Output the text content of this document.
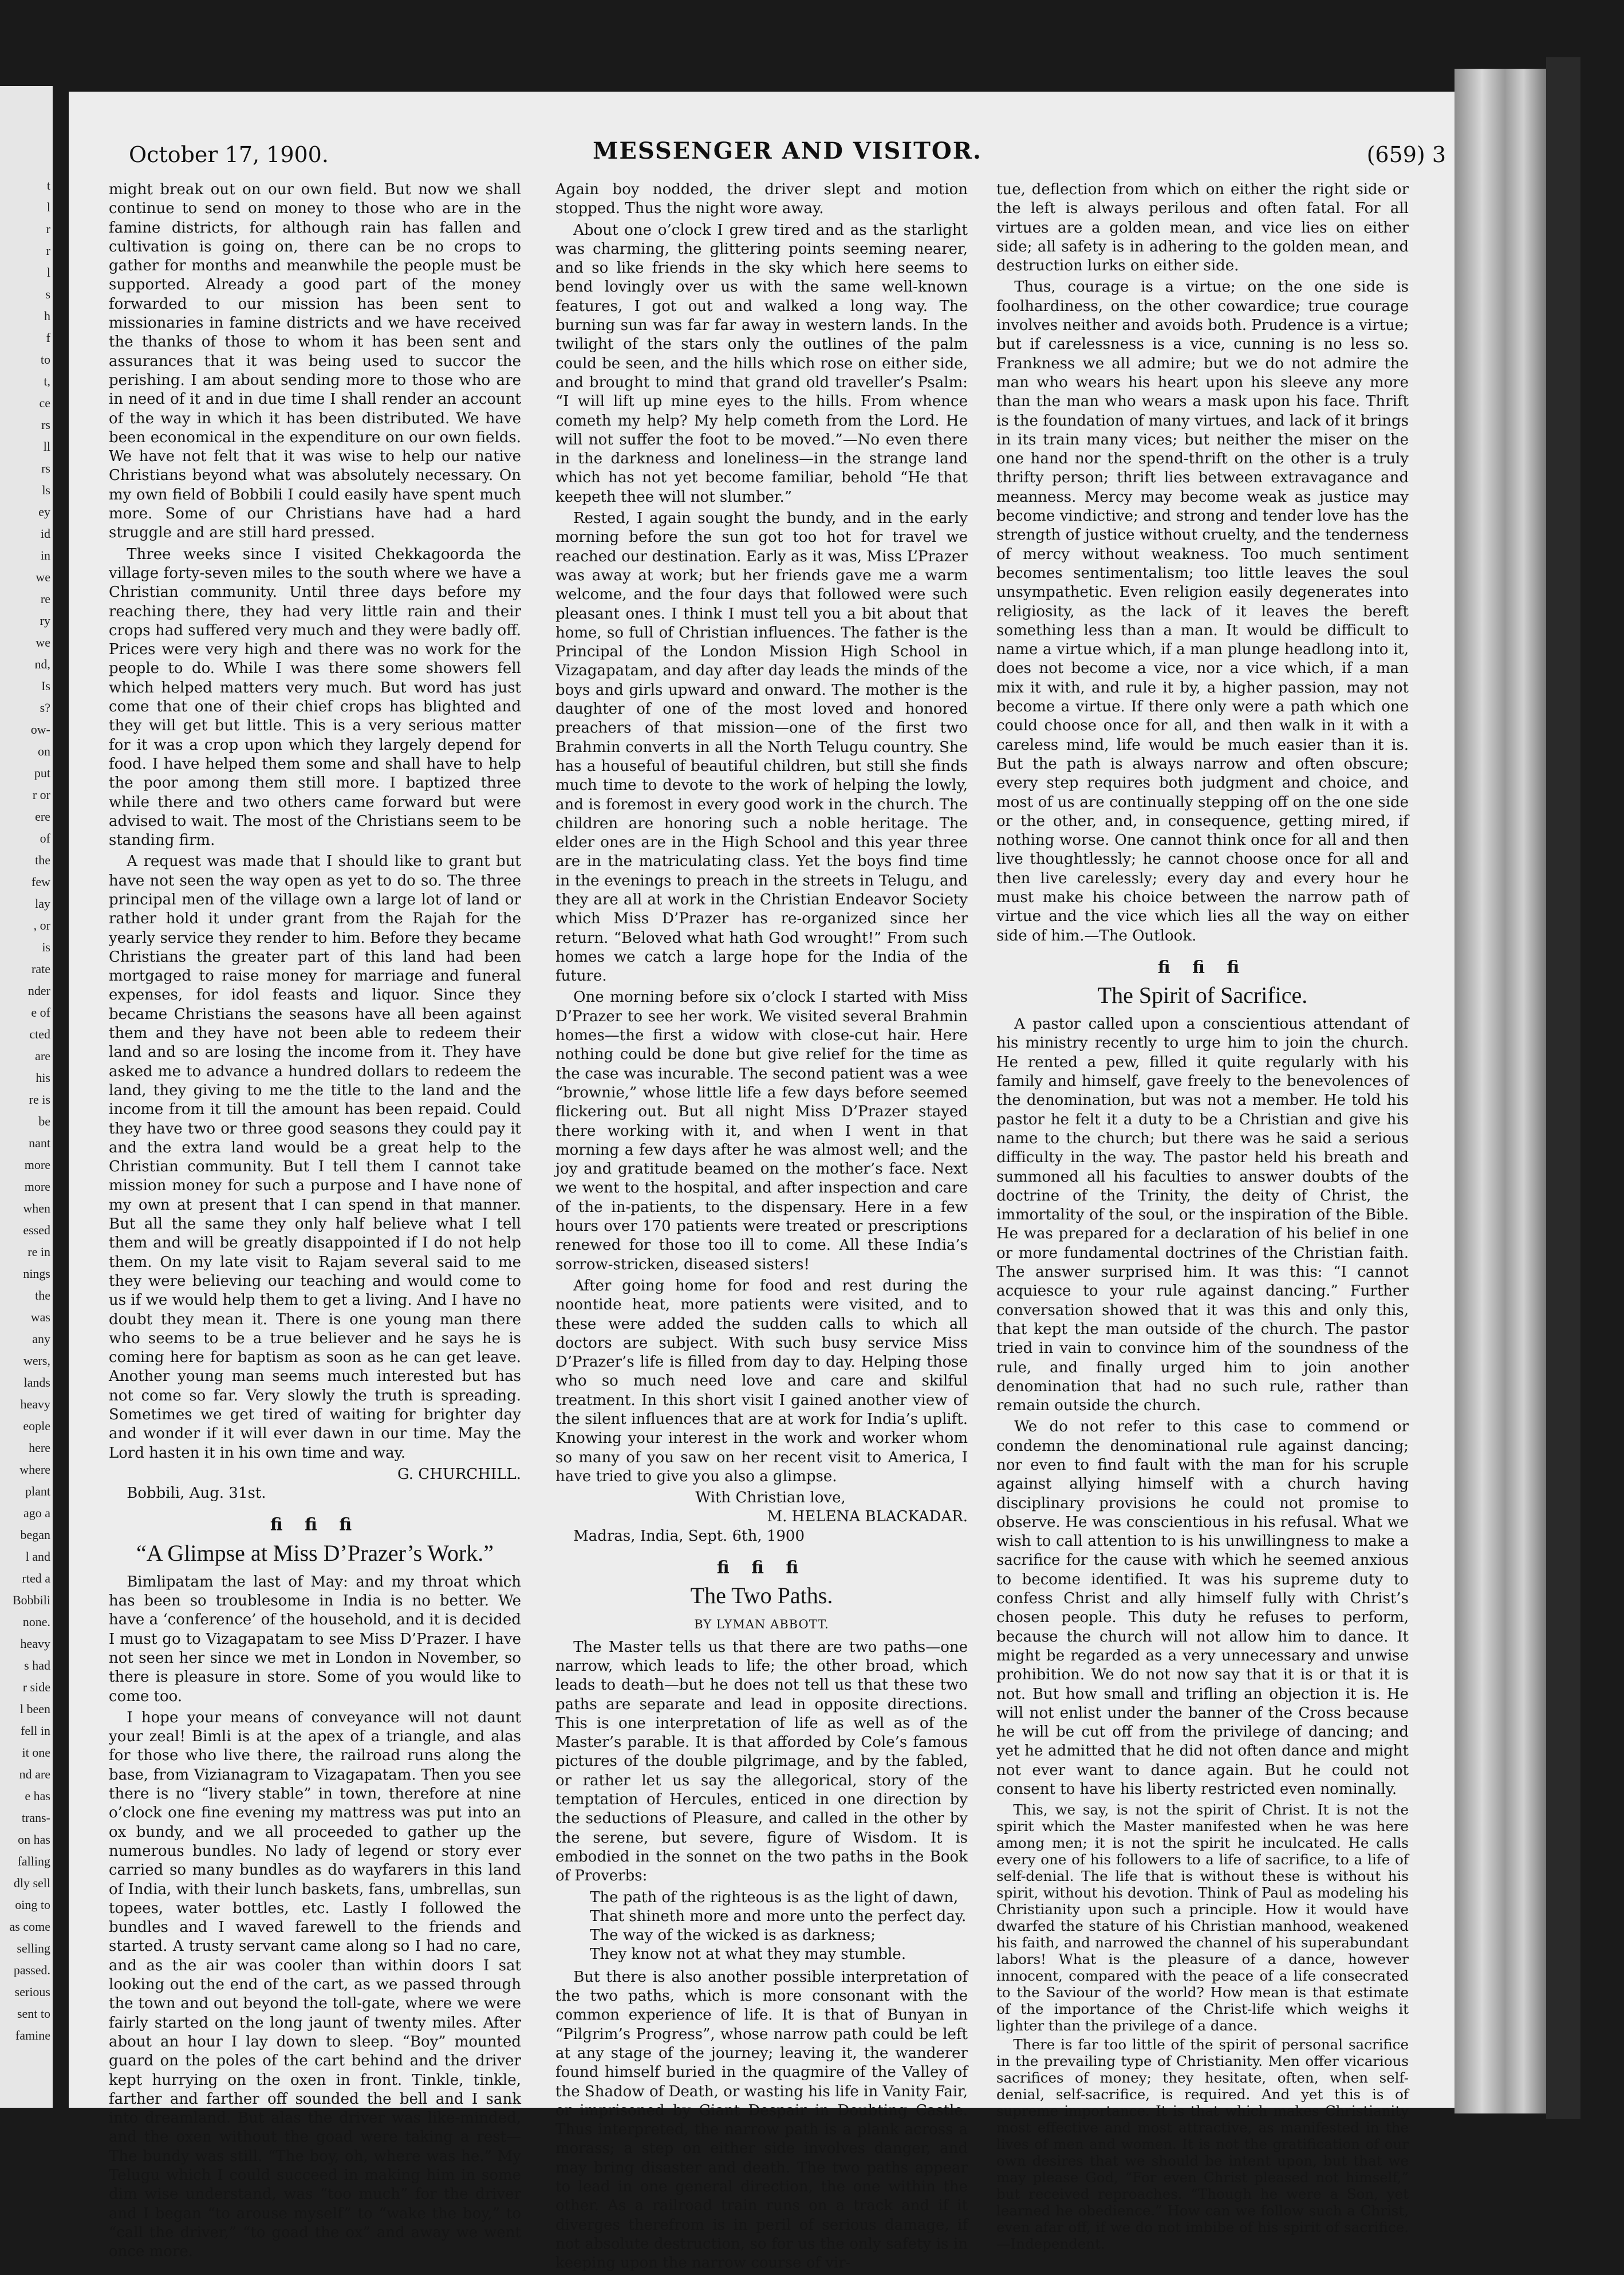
t
l
r
r
l
s
h
f
to
t,
ce
rs
ll
rs
ls
ey
id
in
we
re
ry
we
nd,
Is
s?
ow-
on
put
r or
ere
of
the
few
lay
, or
is
rate
nder
e of
cted
are
his
re is
be
nant
more
more
when
essed
re in
nings
the
was
any
wers,
lands
heavy
eople
here
where
plant
ago a
began
l and
rted a
Bobbili
none.
heavy
s had
r side
l been
fell in
it one
nd are
e has
trans-
on has
falling
dly sell
oing to
as come
selling
passed.
serious
sent to
famine
October 17, 1900.	MESSENGER AND VISITOR.	(659) 3

might break out on our own field. But now we shall continue to send on money to those who are in the famine districts, for although rain has fallen and cultivation is going on, there can be no crops to gather for months and meanwhile the people must be supported. Already a good part of the money forwarded to our mission has been sent to missionaries in famine districts and we have received the thanks of those to whom it has been sent and assurances that it was being used to succor the perishing. I am about sending more to those who are in need of it and in due time I shall render an account of the way in which it has been distributed. We have been economical in the expenditure on our own fields. We have not felt that it was wise to help our native Christians beyond what was absolutely necessary. On my own field of Bobbili I could easily have spent much more. Some of our Christians have had a hard struggle and are still hard pressed.

Three weeks since I visited Chekkagoorda the village forty-seven miles to the south where we have a Christian community. Until three days before my reaching there, they had very little rain and their crops had suffered very much and they were badly off. Prices were very high and there was no work for the people to do. While I was there some showers fell which helped matters very much. But word has just come that one of their chief crops has blighted and they will get but little. This is a very serious matter for it was a crop upon which they largely depend for food. I have helped them some and shall have to help the poor among them still more. I baptized three while there and two others came forward but were advised to wait. The most of the Christians seem to be standing firm.

A request was made that I should like to grant but have not seen the way open as yet to do so. The three principal men of the village own a large lot of land or rather hold it under grant from the Rajah for the yearly service they render to him. Before they became Christians the greater part of this land had been mortgaged to raise money for marriage and funeral expenses, for idol feasts and liquor. Since they became Christians the seasons have all been against them and they have not been able to redeem their land and so are losing the income from it. They have asked me to advance a hundred dollars to redeem the land, they giving to me the title to the land and the income from it till the amount has been repaid. Could they have two or three good seasons they could pay it and the extra land would be a great help to the Christian community. But I tell them I cannot take mission money for such a purpose and I have none of my own at present that I can spend in that manner. But all the same they only half believe what I tell them and will be greatly disappointed if I do not help them. On my late visit to Rajam several said to me they were believing our teaching and would come to us if we would help them to get a living. And I have no doubt they mean it. There is one young man there who seems to be a true believer and he says he is coming here for baptism as soon as he can get leave. Another young man seems much interested but has not come so far. Very slowly the truth is spreading. Sometimes we get tired of waiting for brighter day and wonder if it will ever dawn in our time. May the Lord hasten it in his own time and way.

G. CHURCHILL.

Bobbili, Aug. 31st.

ﬁ ﬁ ﬁ
“A Glimpse at Miss D’Prazer’s Work.”

Bimlipatam the last of May: and my throat which has been so troublesome in India is no better. We have a ‘conference’ of the household, and it is decided I must go to Vizagapatam to see Miss D’Prazer. I have not seen her since we met in London in November, so there is pleasure in store. Some of you would like to come too.

I hope your means of conveyance will not daunt your zeal! Bimli is at the apex of a triangle, and alas for those who live there, the railroad runs along the base, from Vizianagram to Vizagapatam. Then you see there is no “livery stable” in town, therefore at nine o’clock one fine evening my mattress was put into an ox bundy, and we all proceeded to gather up the numerous bundles. No lady of legend or story ever carried so many bundles as do wayfarers in this land of India, with their lunch baskets, fans, umbrellas, sun topees, water bottles, etc. Lastly I followed the bundles and I waved farewell to the friends and started. A trusty servant came along so I had no care, and as the air was cooler than within doors I sat looking out the end of the cart, as we passed through the town and out beyond the toll-gate, where we were fairly started on the long jaunt of twenty miles. After about an hour I lay down to sleep. “Boy” mounted guard on the poles of the cart behind and the driver kept hurrying on the oxen in front. Tinkle, tinkle, farther and farther off sounded the bell and I sank into dreamland. But alas the driver was like-minded, and the oxen without the goad were taking a rest—The bundy was still. “The boy, oh, where was he.” My Telugu which I could succeed in making him in some dim wise understand, was “too much” for the driver and I began “to arouse myself” to “wake the boy,” to “call the driver,” “to goad the ox” and away we went once more.

Again boy nodded, the driver slept and motion stopped. Thus the night wore away.

About one o’clock I grew tired and as the starlight was charming, the glittering points seeming nearer, and so like friends in the sky which here seems to bend lovingly over us with the same well-known features, I got out and walked a long way. The burning sun was far far away in western lands. In the twilight of the stars only the outlines of the palm could be seen, and the hills which rose on either side, and brought to mind that grand old traveller’s Psalm: “I will lift up mine eyes to the hills. From whence cometh my help? My help cometh from the Lord. He will not suffer the foot to be moved.”—No even there in the darkness and loneliness—in the strange land which has not yet become familiar, behold “He that keepeth thee will not slumber.”

Rested, I again sought the bundy, and in the early morning before the sun got too hot for travel we reached our destination. Early as it was, Miss L’Prazer was away at work; but her friends gave me a warm welcome, and the four days that followed were such pleasant ones. I think I must tell you a bit about that home, so full of Christian influences. The father is the Principal of the London Mission High School in Vizagapatam, and day after day leads the minds of the boys and girls upward and onward. The mother is the daughter of one of the most loved and honored preachers of that mission—one of the first two Brahmin converts in all the North Telugu country. She has a houseful of beautiful children, but still she finds much time to devote to the work of helping the lowly, and is foremost in every good work in the church. The children are honoring such a noble heritage. The elder ones are in the High School and this year three are in the matriculating class. Yet the boys find time in the evenings to preach in the streets in Telugu, and they are all at work in the Christian Endeavor Society which Miss D’Prazer has re-organized since her return. “Beloved what hath God wrought!” From such homes we catch a large hope for the India of the future.

One morning before six o’clock I started with Miss D’Prazer to see her work. We visited several Brahmin homes—the first a widow with close-cut hair. Here nothing could be done but give relief for the time as the case was incurable. The second patient was a wee “brownie,” whose little life a few days before seemed flickering out. But all night Miss D’Prazer stayed there working with it, and when I went in that morning a few days after he was almost well; and the joy and gratitude beamed on the mother’s face. Next we went to the hospital, and after inspection and care of the in-patients, to the dispensary. Here in a few hours over 170 patients were treated or prescriptions renewed for those too ill to come. All these India’s sorrow-stricken, diseased sisters!

After going home for food and rest during the noontide heat, more patients were visited, and to these were added the sudden calls to which all doctors are subject. With such busy service Miss D’Prazer’s life is filled from day to day. Helping those who so much need love and care and skilful treatment. In this short visit I gained another view of the silent influences that are at work for India’s uplift. Knowing your interest in the work and worker whom so many of you saw on her recent visit to America, I have tried to give you also a glimpse.

With Christian love,

M. HELENA BLACKADAR.

Madras, India, Sept. 6th, 1900

ﬁ ﬁ ﬁ
The Two Paths.
BY LYMAN ABBOTT.

The Master tells us that there are two paths—one narrow, which leads to life; the other broad, which leads to death—but he does not tell us that these two paths are separate and lead in opposite directions. This is one interpretation of life as well as of the Master’s parable. It is that afforded by Cole’s famous pictures of the double pilgrimage, and by the fabled, or rather let us say the allegorical, story of the temptation of Hercules, enticed in one direction by the seductions of Pleasure, and called in the other by the serene, but severe, figure of Wisdom. It is embodied in the sonnet on the two paths in the Book of Proverbs:

The path of the righteous is as the light of dawn,
That shineth more and more unto the perfect day.
The way of the wicked is as darkness;
They know not at what they may stumble.

But there is also another possible interpretation of the two paths, which is more consonant with the common experience of life. It is that of Bunyan in “Pilgrim’s Progress”, whose narrow path could be left at any stage of the journey; leaving it, the wanderer found himself buried in the quagmire of the Valley of the Shadow of Death, or wasting his life in Vanity Fair, or imprisoned by Giant Despair in Doubting Castle. Thus interpreted, the narrow path is a plank across a morass; a step on either side involves danger, and may bring disaster and death. The two paths appear to lead in one general direction, the one within the other. As a railroad train runs on a track and if it diverges therefrom is in peril of serious damage, if not absolute destruction, so for us the only safety is in keeping upon the narrow course of vir-

tue, deflection from which on either the right side or the left is always perilous and often fatal. For all virtues are a golden mean, and vice lies on either side; all safety is in adhering to the golden mean, and destruction lurks on either side.

Thus, courage is a virtue; on the one side is foolhardiness, on the other cowardice; true courage involves neither and avoids both. Prudence is a virtue; but if carelessness is a vice, cunning is no less so. Frankness we all admire; but we do not admire the man who wears his heart upon his sleeve any more than the man who wears a mask upon his face. Thrift is the foundation of many virtues, and lack of it brings in its train many vices; but neither the miser on the one hand nor the spend-thrift on the other is a truly thrifty person; thrift lies between extravagance and meanness. Mercy may become weak as justice may become vindictive; and strong and tender love has the strength of justice without cruelty, and the tenderness of mercy without weakness. Too much sentiment becomes sentimentalism; too little leaves the soul unsympathetic. Even religion easily degenerates into religiosity, as the lack of it leaves the bereft something less than a man. It would be difficult to name a virtue which, if a man plunge headlong into it, does not become a vice, nor a vice which, if a man mix it with, and rule it by, a higher passion, may not become a virtue. If there only were a path which one could choose once for all, and then walk in it with a careless mind, life would be much easier than it is. But the path is always narrow and often obscure; every step requires both judgment and choice, and most of us are continually stepping off on the one side or the other, and, in consequence, getting mired, if nothing worse. One cannot think once for all and then live thoughtlessly; he cannot choose once for all and then live carelessly; every day and every hour he must make his choice between the narrow path of virtue and the vice which lies all the way on either side of him.—The Outlook.

ﬁ ﬁ ﬁ
The Spirit of Sacrifice.

A pastor called upon a conscientious attendant of his ministry recently to urge him to join the church. He rented a pew, filled it quite regularly with his family and himself, gave freely to the benevolences of the denomination, but was not a member. He told his pastor he felt it a duty to be a Christian and give his name to the church; but there was he said a serious difficulty in the way. The pastor held his breath and summoned all his faculties to answer doubts of the doctrine of the Trinity, the deity of Christ, the immortality of the soul, or the inspiration of the Bible. He was prepared for a declaration of his belief in one or more fundamental doctrines of the Christian faith. The answer surprised him. It was this: “I cannot acquiesce to your rule against dancing.” Further conversation showed that it was this and only this, that kept the man outside of the church. The pastor tried in vain to convince him of the soundness of the rule, and finally urged him to join another denomination that had no such rule, rather than remain outside the church.

We do not refer to this case to commend or condemn the denominational rule against dancing; nor even to find fault with the man for his scruple against allying himself with a church having disciplinary provisions he could not promise to observe. He was conscientious in his refusal. What we wish to call attention to is his unwillingness to make a sacrifice for the cause with which he seemed anxious to become identified. It was his supreme duty to confess Christ and ally himself fully with Christ’s chosen people. This duty he refuses to perform, because the church will not allow him to dance. It might be regarded as a very unnecessary and unwise prohibition. We do not now say that it is or that it is not. But how small and trifling an objection it is. He will not enlist under the banner of the Cross because he will be cut off from the privilege of dancing; and yet he admitted that he did not often dance and might not ever want to dance again. But he could not consent to have his liberty restricted even nominally.

This, we say, is not the spirit of Christ. It is not the spirit which the Master manifested when he was here among men; it is not the spirit he inculcated. He calls every one of his followers to a life of sacrifice, to a life of self-denial. The life that is without these is without his spirit, without his devotion. Think of Paul as modeling his Christianity upon such a principle. How it would have dwarfed the stature of his Christian manhood, weakened his faith, and narrowed the channel of his superabundant labors! What is the pleasure of a dance, however innocent, compared with the peace of a life consecrated to the Saviour of the world? How mean is that estimate of the importance of the Christ-life which weighs it lighter than the privilege of a dance.

There is far too little of the spirit of personal sacrifice in the prevailing type of Christianity. Men offer vicarious sacrifices of money; they hesitate, often, when self-denial, self-sacrifice, is required. And yet this is of supreme importance. It is that which makes Christianity most effective and most attractive, as manifested in the lives of men and women. It is not the gratification of our own desires that we should be intent upon, but that we may please God, “For even Christ pleased not himself,” but received reproaches. “Though he were a Son, yet learned he obedience.” How can we follow such a Christ, even afar off, if we do not imbibe of his spirit of sacrifice.—Independent.
